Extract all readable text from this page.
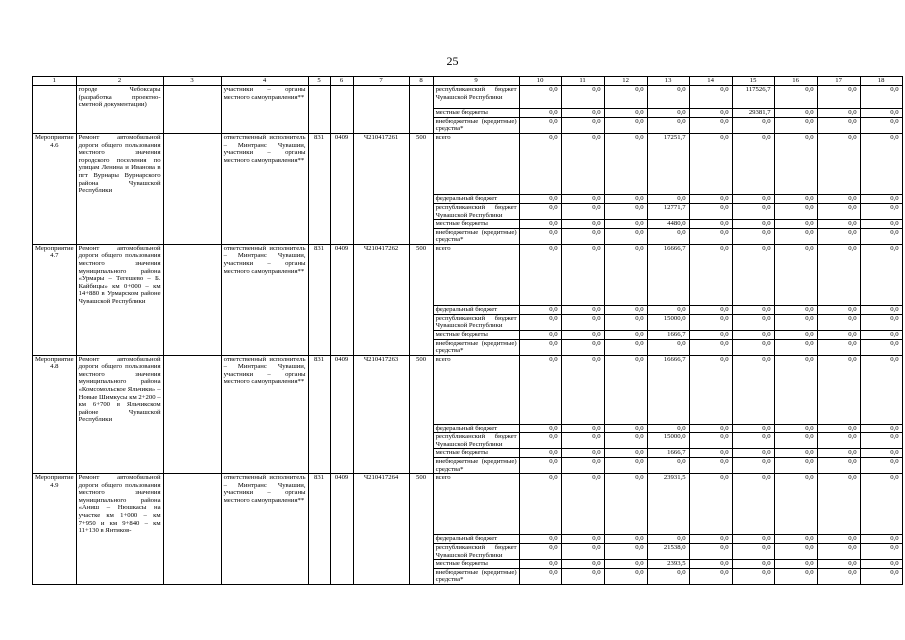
25
1	2	3	4	5	6	7	8	9	10	11	12	13	14	15	16	17	18
	городе Чебоксары (разработка проектно-сметной документации)		участники – органы местного самоуправления**					республиканский бюджет Чувашской Республики	0,0	0,0	0,0	0,0	0,0	117526,7	0,0	0,0	0,0
								местные бюджеты	0,0	0,0	0,0	0,0	0,0	29381,7	0,0	0,0	0,0
								внебюджетные (кредитные) средства*	0,0	0,0	0,0	0,0	0,0	0,0	0,0	0,0	0,0
Мероприятие 4.6	Ремонт автомобильной дороги общего пользования местного значения городского поселения по улицам Ленина и Иванова в пгт Вурнары Вурнарского района Чувашской Республики		ответственный исполнитель – Минтранс Чувашии, участники – органы местного самоуправления**	831	0409	Ч210417261	500	всего	0,0	0,0	0,0	17251,7	0,0	0,0	0,0	0,0	0,0
								федеральный бюджет	0,0	0,0	0,0	0,0	0,0	0,0	0,0	0,0	0,0
								республиканский бюджет Чувашской Республики	0,0	0,0	0,0	12771,7	0,0	0,0	0,0	0,0	0,0
								местные бюджеты	0,0	0,0	0,0	4480,0	0,0	0,0	0,0	0,0	0,0
								внебюджетные (кредитные) средства*	0,0	0,0	0,0	0,0	0,0	0,0	0,0	0,0	0,0
Мероприятие 4.7	Ремонт автомобильной дороги общего пользования местного значения муниципального района «Урмары – Тегешево – Б. Кайбицы» км 0+000 – км 14+880 в Урмарском районе Чувашской Республики		ответственный исполнитель – Минтранс Чувашии, участники – органы местного самоуправления**	831	0409	Ч210417262	500	всего	0,0	0,0	0,0	16666,7	0,0	0,0	0,0	0,0	0,0
								федеральный бюджет	0,0	0,0	0,0	0,0	0,0	0,0	0,0	0,0	0,0
								республиканский бюджет Чувашской Республики	0,0	0,0	0,0	15000,0	0,0	0,0	0,0	0,0	0,0
								местные бюджеты	0,0	0,0	0,0	1666,7	0,0	0,0	0,0	0,0	0,0
								внебюджетные (кредитные) средства*	0,0	0,0	0,0	0,0	0,0	0,0	0,0	0,0	0,0
Мероприятие 4.8	Ремонт автомобильной дороги общего пользования местного значения муниципального района «Комсомольское Яльчики» – Новые Шимкусы км 2+200 – км 6+700 в Яльчикском районе Чувашской Республики		ответственный исполнитель – Минтранс Чувашии, участники – органы местного самоуправления**	831	0409	Ч210417263	500	всего	0,0	0,0	0,0	16666,7	0,0	0,0	0,0	0,0	0,0
								федеральный бюджет	0,0	0,0	0,0	0,0	0,0	0,0	0,0	0,0	0,0
								республиканский бюджет Чувашской Республики	0,0	0,0	0,0	15000,0	0,0	0,0	0,0	0,0	0,0
								местные бюджеты	0,0	0,0	0,0	1666,7	0,0	0,0	0,0	0,0	0,0
								внебюджетные (кредитные) средства*	0,0	0,0	0,0	0,0	0,0	0,0	0,0	0,0	0,0
Мероприятие 4.9	Ремонт автомобильной дороги общего пользования местного значения муниципального района «Аниш – Нюшкасы на участке км 1+000 – км 7+950 и км 9+840 – км 11+130 в Янтиков-		ответственный исполнитель – Минтранс Чувашии, участники – органы местного самоуправления**	831	0409	Ч210417264	500	всего	0,0	0,0	0,0	23931,5	0,0	0,0	0,0	0,0	0,0
								федеральный бюджет	0,0	0,0	0,0	0,0	0,0	0,0	0,0	0,0	0,0
								республиканский бюджет Чувашской Республики	0,0	0,0	0,0	21538,0	0,0	0,0	0,0	0,0	0,0
								местные бюджеты	0,0	0,0	0,0	2393,5	0,0	0,0	0,0	0,0	0,0
								внебюджетные (кредитные) средства*	0,0	0,0	0,0	0,0	0,0	0,0	0,0	0,0	0,0
